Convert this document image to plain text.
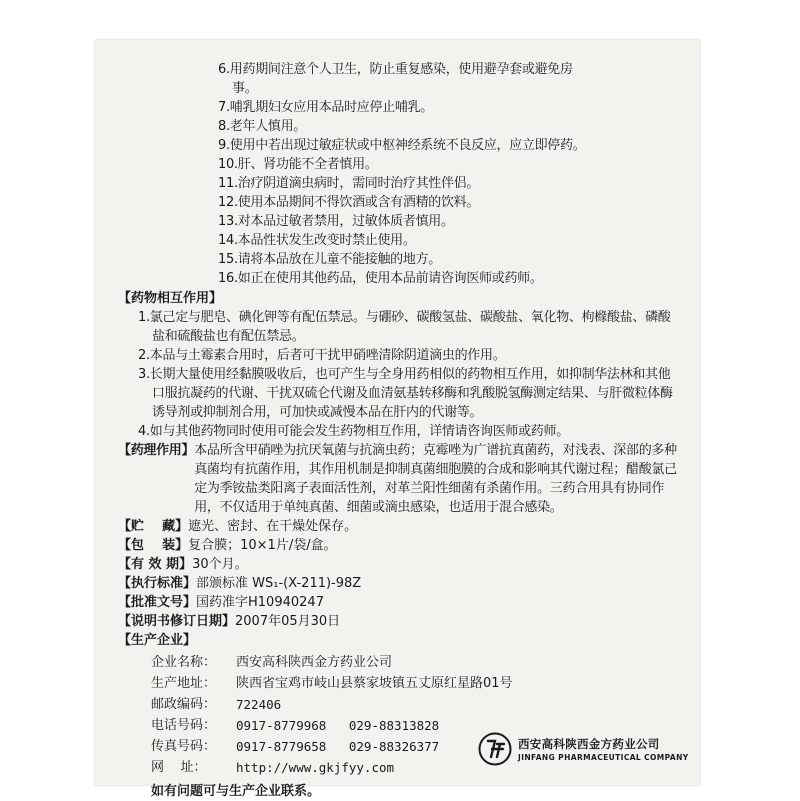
6.用药期间注意个人卫生，防止重复感染，使用避孕套或避免房
事。
7.哺乳期妇女应用本品时应停止哺乳。
8.老年人慎用。
9.使用中若出现过敏症状或中枢神经系统不良反应，应立即停药。
10.肝、肾功能不全者慎用。
11.治疗阴道滴虫病时，需同时治疗其性伴侣。
12.使用本品期间不得饮酒或含有酒精的饮料。
13.对本品过敏者禁用，过敏体质者慎用。
14.本品性状发生改变时禁止使用。
15.请将本品放在儿童不能接触的地方。
16.如正在使用其他药品，使用本品前请咨询医师或药师。
【药物相互作用】
1.氯己定与肥皂、碘化钾等有配伍禁忌。与硼砂、碳酸氢盐、碳酸盐、氧化物、枸橼酸盐、磷酸盐和硫酸盐也有配伍禁忌。
2.本品与土霉素合用时，后者可干扰甲硝唑清除阴道滴虫的作用。
3.长期大量使用经黏膜吸收后，也可产生与全身用药相似的药物相互作用，如抑制华法林和其他口服抗凝药的代谢、干扰双硫仑代谢及血清氨基转移酶和乳酸脱氢酶测定结果、与肝微粒体酶诱导剂或抑制剂合用，可加快或减慢本品在肝内的代谢等。
4.如与其他药物同时使用可能会发生药物相互作用，详情请咨询医师或药师。
【药理作用】 本品所含甲硝唑为抗厌氧菌与抗滴虫药；克霉唑为广谱抗真菌药，对浅表、深部的多种真菌均有抗菌作用，其作用机制是抑制真菌细胞膜的合成和影响其代谢过程；醋酸氯己定为季铵盐类阳离子表面活性剂，对革兰阳性细菌有杀菌作用。三药合用具有协同作用，不仅适用于单纯真菌、细菌或滴虫感染，也适用于混合感染。
【贮    藏】 遮光、密封、在干燥处保存。
【包    装】 复合膜；10×1片/袋/盒。
【有 效 期】 30个月。
【执行标准】 部颁标准 WS₁-(X-211)-98Z
【批准文号】 国药准字H10940247
【说明书修订日期】 2007年05月30日
【生产企业】
企业名称：	西安高科陕西金方药业公司
生产地址：	陕西省宝鸡市岐山县蔡家坡镇五丈原红星路01号
邮政编码：	722406
电话号码：	0917-8779968   029-88313828
传真号码：	0917-8779658   029-88326377
网    址：	http://www.gkjfyy.com
如有问题可与生产企业联系。
西安高科陕西金方药业公司
JINFANG PHARMACEUTICAL COMPANY
